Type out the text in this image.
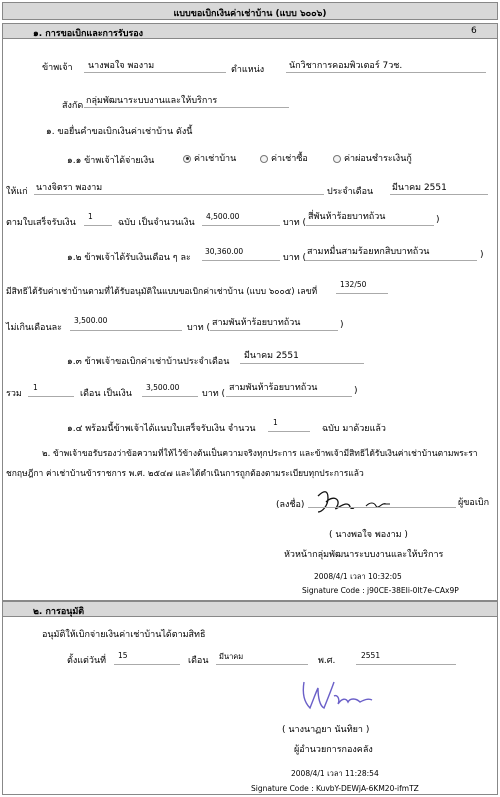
แบบขอเบิกเงินค่าเช่าบ้าน (แบบ ๖๐๐๖)
๑. การขอเบิกและการรับรอง	6
ข้าพเจ้า นางพอใจ พองาม	ตำแหน่ง	นักวิชาการคอมพิวเตอร์ 7วช.
สังกัด กลุ่มพัฒนาระบบงานและให้บริการ
๑. ขอยื่นคำขอเบิกเงินค่าเช่าบ้าน ดังนี้
๑.๑ ข้าพเจ้าได้จ่ายเงิน	ค่าเช่าบ้าน	ค่าเช่าซื้อ	ค่าผ่อนชำระเงินกู้
ให้แก่ นางจิตรา พองาม	ประจำเดือน มีนาคม 2551
ตามใบเสร็จรับเงิน
1
ฉบับ เป็นจำนวนเงิน
4,500.00
บาท (
สี่พันห้าร้อยบาทถ้วน	)
๑.๒ ข้าพเจ้าได้รับเงินเดือน ๆ ละ
30,360.00
บาท (
สามหมื่นสามร้อยหกสิบบาทถ้วน	)
มีสิทธิได้รับค่าเช่าบ้านตามที่ได้รับอนุมัติในแบบขอเบิกค่าเช่าบ้าน (แบบ ๖๐๐๕) เลขที่
132/50
ไม่เกินเดือนละ
3,500.00
บาท ( สามพันห้าร้อยบาทถ้วน	)
๑.๓ ข้าพเจ้าขอเบิกค่าเช่าบ้านประจำเดือน
มีนาคม 2551
รวม
1
เดือน เป็นเงิน
3,500.00
บาท (
สามพันห้าร้อยบาทถ้วน	)
๑.๔ พร้อมนี้ข้าพเจ้าได้แนบใบเสร็จรับเงิน จำนวน
1
ฉบับ มาด้วยแล้ว
๒. ข้าพเจ้าขอรับรองว่าข้อความที่ให้ไว้ข้างต้นเป็นความจริงทุกประการ และข้าพเจ้ามีสิทธิได้รับเงินค่าเช่าบ้านตามพระรา
ชกฤษฎีกา ค่าเช่าบ้านข้าราชการ พ.ศ. ๒๕๔๗ และได้ดำเนินการถูกต้องตามระเบียบทุกประการแล้ว
(ลงชื่อ)	ผู้ขอเบิก
( นางพอใจ พองาม )
หัวหน้ากลุ่มพัฒนาระบบงานและให้บริการ
2008/4/1 เวลา 10:32:05
Signature Code : j90CE-38EIi-0It7e-CAx9P
๒. การอนุมัติ
อนุมัติให้เบิกจ่ายเงินค่าเช่าบ้านได้ตามสิทธิ
ตั้งแต่วันที่
15
เดือน มีนาคม	พ.ศ.
2551
( นางนาฏยา นันทิยา )
ผู้อำนวยการกองคลัง
2008/4/1 เวลา 11:28:54
Signature Code : KuvbY-DEWjA-6KM20-ifmTZ
